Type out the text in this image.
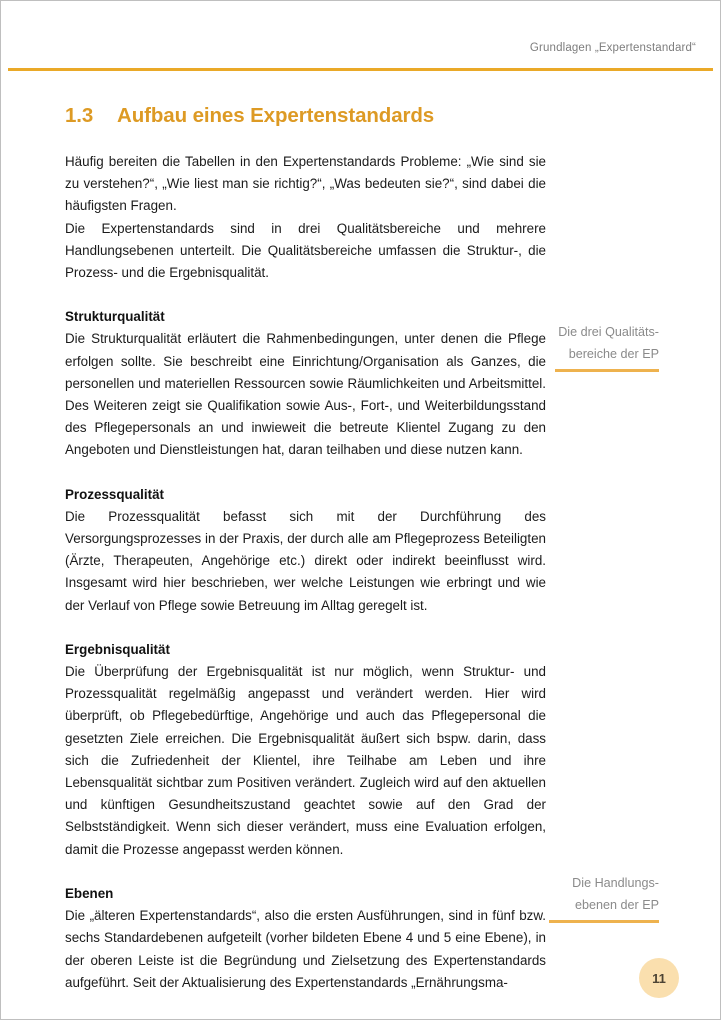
Grundlagen „Expertenstandard“
1.3 Aufbau eines Expertenstandards

Häufig bereiten die Tabellen in den Expertenstandards Probleme: „Wie sind sie zu verstehen?“, „Wie liest man sie richtig?“, „Was bedeuten sie?“, sind dabei die häufigsten Fragen.

Die Expertenstandards sind in drei Qualitätsbereiche und mehrere Handlungsebenen unterteilt. Die Qualitätsbereiche umfassen die Struktur-, die Prozess- und die Ergebnisqualität.

Strukturqualität

Die Strukturqualität erläutert die Rahmenbedingungen, unter denen die Pflege erfolgen sollte. Sie beschreibt eine Einrichtung/Organisation als Ganzes, die personellen und materiellen Ressourcen sowie Räumlichkeiten und Arbeitsmittel. Des Weiteren zeigt sie Qualifikation sowie Aus-, Fort-, und Weiterbildungsstand des Pflegepersonals an und inwieweit die betreute Klientel Zugang zu den Angeboten und Dienstleistungen hat, daran teilhaben und diese nutzen kann.

Prozessqualität

Die Prozessqualität befasst sich mit der Durchführung des Versorgungsprozesses in der Praxis, der durch alle am Pflegeprozess Beteiligten (Ärzte, Therapeuten, Angehörige etc.) direkt oder indirekt beeinflusst wird. Insgesamt wird hier beschrieben, wer welche Leistungen wie erbringt und wie der Verlauf von Pflege sowie Betreuung im Alltag geregelt ist.

Ergebnisqualität

Die Überprüfung der Ergebnisqualität ist nur möglich, wenn Struktur- und Prozessqualität regelmäßig angepasst und verändert werden. Hier wird überprüft, ob Pflegebedürftige, Angehörige und auch das Pflegepersonal die gesetzten Ziele erreichen. Die Ergebnisqualität äußert sich bspw. darin, dass sich die Zufriedenheit der Klientel, ihre Teilhabe am Leben und ihre Lebensqualität sichtbar zum Positiven verändert. Zugleich wird auf den aktuellen und künftigen Gesundheitszustand geachtet sowie auf den Grad der Selbstständigkeit. Wenn sich dieser verändert, muss eine Evaluation erfolgen, damit die Prozesse angepasst werden können.

Ebenen

Die „älteren Expertenstandards“, also die ersten Ausführungen, sind in fünf bzw. sechs Standardebenen aufgeteilt (vorher bildeten Ebene 4 und 5 eine Ebene), in der oberen Leiste ist die Begründung und Zielsetzung des Expertenstandards aufgeführt. Seit der Aktualisierung des Expertenstandards „Ernährungsma-

Die drei Qualitätsbereiche der EP
Die Handlungsebenen der EP
11
